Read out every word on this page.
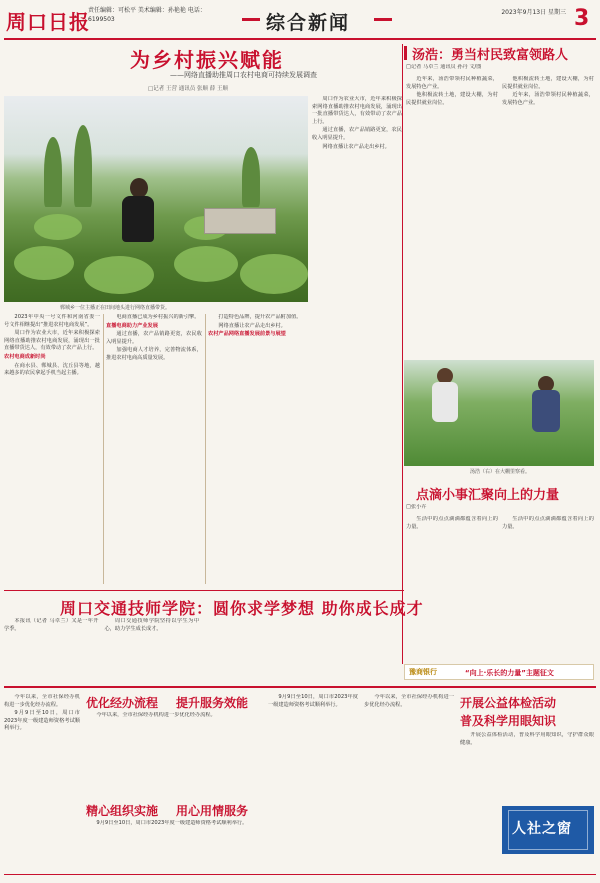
周口日报
责任编辑：可松平 美术编辑：孙艳艳 电话：6199503	综合新闻	2023年9月13日 星期三 3
为乡村振兴赋能
——网络直播助推周口农村电商可持续发展调查
□记者 王营 通讯员 张顺 薛 王顺
郸城乡一位主播正在田间地头进行网络直播带货。

2023年中央一号文件和河南省委一号文件相继提出“推进农村电商发展”。

周口作为农业大市，近年来积极探索网络直播助推农村电商发展，涌现出一批直播带货达人，有效带动了农产品上行。

农村电商成新时尚

在商水县、郸城县、沈丘县等地，越来越多的农民拿起手机当起主播。

电商直播已成为乡村振兴的新引擎。

直播电商助力产业发展

通过直播，农产品销路更宽，农民收入明显提升。

加强电商人才培养，完善物流体系，推进农村电商高质量发展。

打造特色品牌，提升农产品附加值。

网络直播让农产品走出乡村。

农村产品网络直播发展前景与展望

周口作为农业大市，近年来积极探索网络直播助推农村电商发展，涌现出一批直播带货达人，有效带动了农产品上行。

通过直播，农产品销路更宽，农民收入明显提升。

网络直播让农产品走出乡村。

汤浩：勇当村民致富领路人
□记者 马卓兰 通讯员 孙丹 文/图

近年来，汤浩带领村民种植蔬菜，发展特色产业。

他积极流转土地，建设大棚，为村民提供就业岗位。

他积极流转土地，建设大棚，为村民提供就业岗位。

近年来，汤浩带领村民种植蔬菜，发展特色产业。

汤浩（右）在大棚里察看。
点滴小事汇聚向上的力量
□张小卉

生活中的点点滴滴都蕴含着向上的力量。

生活中的点点滴滴都蕴含着向上的力量。

周口交通技师学院：圆你求学梦想 助你成长成才

本报讯（记者 马卓兰）又是一年开学季。

周口交通技师学院坚持以学生为中心，助力学生成长成才。

豫商银行	“向上·乐长的力量”主题征文

今年以来，全市社保经办机构进一步优化经办流程。

9月9日至10日，周口市2023年度一级建造师资格考试顺利举行。

优化经办流程 提升服务效能

今年以来，全市社保经办机构进一步优化经办流程。

精心组织实施 用心用情服务

9月9日至10日，周口市2023年度一级建造师资格考试顺利举行。

9月9日至10日，周口市2023年度一级建造师资格考试顺利举行。

今年以来，全市社保经办机构进一步优化经办流程。	开展公益体检活动
普及科学用眼知识

开展公益体检活动，普及科学用眼知识，守护群众眼健康。

人社之窗
